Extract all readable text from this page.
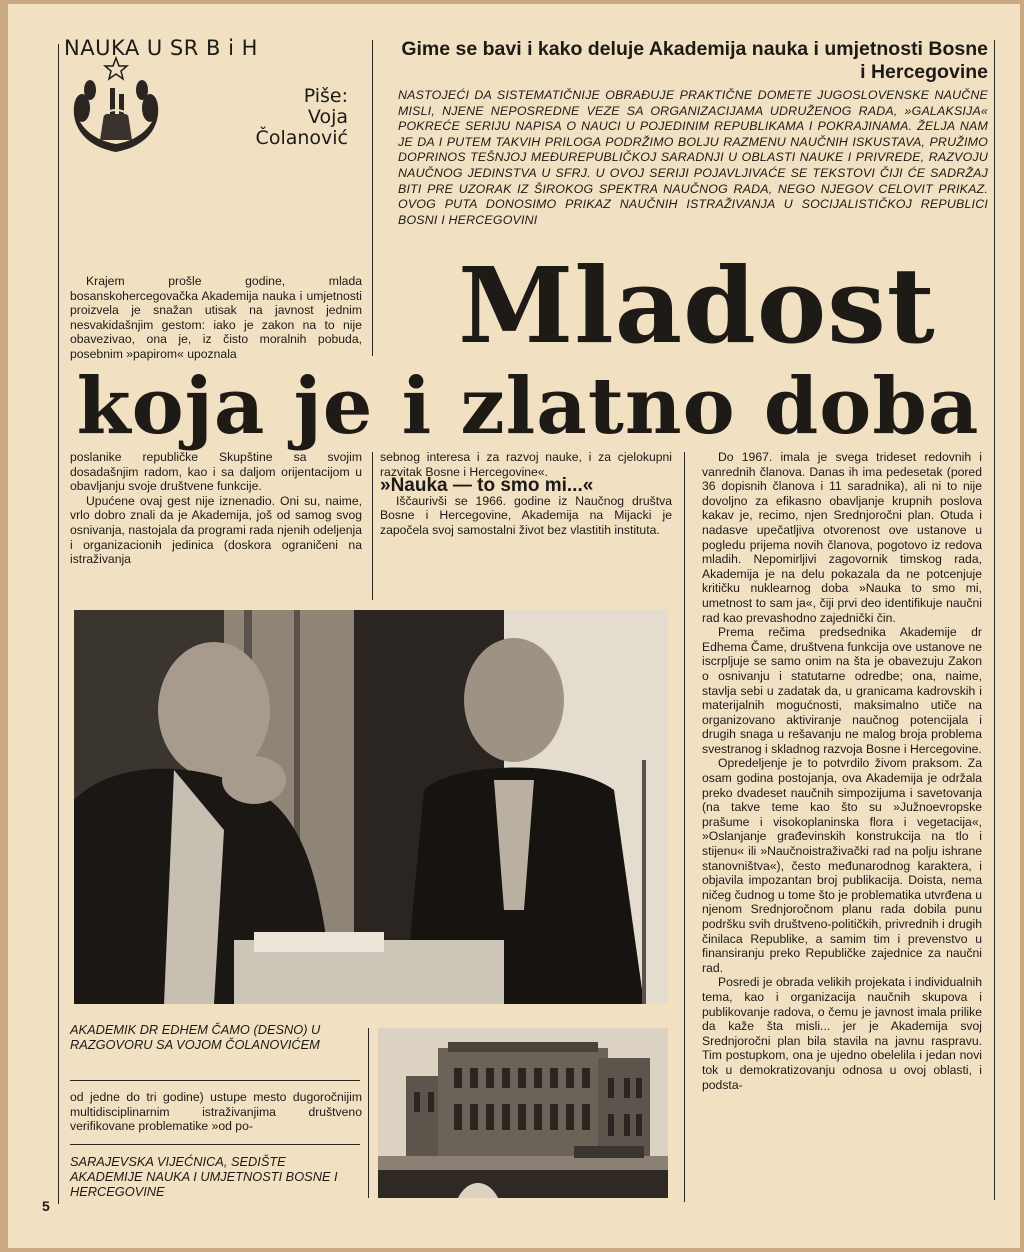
NAUKA U SR B i H
Piše:
Voja
Čolanović
Gime se bavi i kako deluje Akademija nauka i umjetnosti Bosne i Hercegovine
NASTOJEĆI DA SISTEMATIČNIJE OBRAĐUJE PRAKTIČNE DOMETE JUGOSLOVENSKE NAUČNE MISLI, NJENE NEPOSREDNE VEZE SA ORGANIZACIJAMA UDRUŽENOG RADA, »GALAKSIJA« POKREĆE SERIJU NAPISA O NAUCI U POJEDINIM REPUBLIKAMA I POKRAJINAMA. ŽELJA NAM JE DA I PUTEM TAKVIH PRILOGA PODRŽIMO BOLJU RAZMENU NAUČNIH ISKUSTAVA, PRUŽIMO DOPRINOS TEŠNJOJ MEĐUREPUBLIČKOJ SARADNJI U OBLASTI NAUKE I PRIVREDE, RAZVOJU NAUČNOG JEDINSTVA U SFRJ. U OVOJ SERIJI POJAVLJIVAĆE SE TEKSTOVI ČIJI ĆE SADRŽAJ BITI PRE UZORAK IZ ŠIROKOG SPEKTRA NAUČNOG RADA, NEGO NJEGOV CELOVIT PRIKAZ. OVOG PUTA DONOSIMO PRIKAZ NAUČNIH ISTRAŽIVANJA U SOCIJALISTIČKOJ REPUBLICI BOSNI I HERCEGOVINI
Mladost
koja je i zlatno doba

Krajem prošle godine, mlada bosanskohercegovačka Akademija nauka i umjetnosti proizvela je snažan utisak na javnost jednim nesvakidašnjim gestom: iako je zakon na to nije obavezivao, ona je, iz čisto moralnih pobuda, posebnim »papirom« upoznala

poslanike republičke Skupštine sa svojim dosadašnjim radom, kao i sa daljom orijentacijom u obavljanju svoje društvene funkcije.

Upućene ovaj gest nije iznenadio. Oni su, naime, vrlo dobro znali da je Akademija, još od samog svog osnivanja, nastojala da programi rada njenih odeljenja i organizacionih jedinica (doskora ograničeni na istraživanja

sebnog interesa i za razvoj nauke, i za cjelokupni razvitak Bosne i Hercegovine«.

»Nauka — to smo mi...«

Iščaurivši se 1966. godine iz Naučnog društva Bosne i Hercegovine, Akademija na Mijacki je započela svoj samostalni život bez vlastitih instituta.

Do 1967. imala je svega trideset redovnih i vanrednih članova. Danas ih ima pedesetak (pored 36 dopisnih članova i 11 saradnika), ali ni to nije dovoljno za efikasno obavljanje krupnih poslova kakav je, recimo, njen Srednjoročni plan. Otuda i nadasve upečatljiva otvorenost ove ustanove u pogledu prijema novih članova, pogotovo iz redova mladih. Nepomirljivi zagovornik timskog rada, Akademija je na delu pokazala da ne potcenjuje kritičku nuklearnog doba »Nauka to smo mi, umetnost to sam ja«, čiji prvi deo identifikuje naučni rad kao prevashodno zajednički čin.

Prema rečima predsednika Akademije dr Edhema Čame, društvena funkcija ove ustanove ne iscrpljuje se samo onim na šta je obavezuju Zakon o osnivanju i statutarne odredbe; ona, naime, stavlja sebi u zadatak da, u granicama kadrovskih i materijalnih mogućnosti, maksimalno utiče na organizovano aktiviranje naučnog potencijala i drugih snaga u rešavanju ne malog broja problema svestranog i skladnog razvoja Bosne i Hercegovine.

Opredeljenje je to potvrdilo živom praksom. Za osam godina postojanja, ova Akademija je održala preko dvadeset naučnih simpozijuma i savetovanja (na takve teme kao što su »Južnoevropske prašume i visokoplaninska flora i vegetacija«, »Oslanjanje građevinskih konstrukcija na tlo i stijenu« ili »Naučnoistraživački rad na polju ishrane stanovništva«), često međunarodnog karaktera, i objavila impozantan broj publikacija. Doista, nema ničeg čudnog u tome što je problematika utvrđena u njenom Srednjoročnom planu rada dobila punu podršku svih društveno-političkih, privrednih i drugih činilaca Republike, a samim tim i prevenstvo u finansiranju preko Republičke zajednice za naučni rad.

Posredi je obrada velikih projekata i individualnih tema, kao i organizacija naučnih skupova i publikovanje radova, o čemu je javnost imala prilike da kaže šta misli... jer je Akademija svoj Srednjoročni plan bila stavila na javnu raspravu. Tim postupkom, ona je ujedno obelelila i jedan novi tok u demokratizovanju odnosa u ovoj oblasti, i podsta-

AKADEMIK DR EDHEM ČAMO (DESNO) U RAZGOVORU SA VOJOM ČOLANOVIĆEM

od jedne do tri godine) ustupe mesto dugoročnijim multidisciplinarnim istraživanjima društveno verifikovane problematike »od po-

SARAJEVSKA VIJEĆNICA, SEDIŠTE AKADEMIJE NAUKA I UMJETNOSTI BOSNE I HERCEGOVINE
5
